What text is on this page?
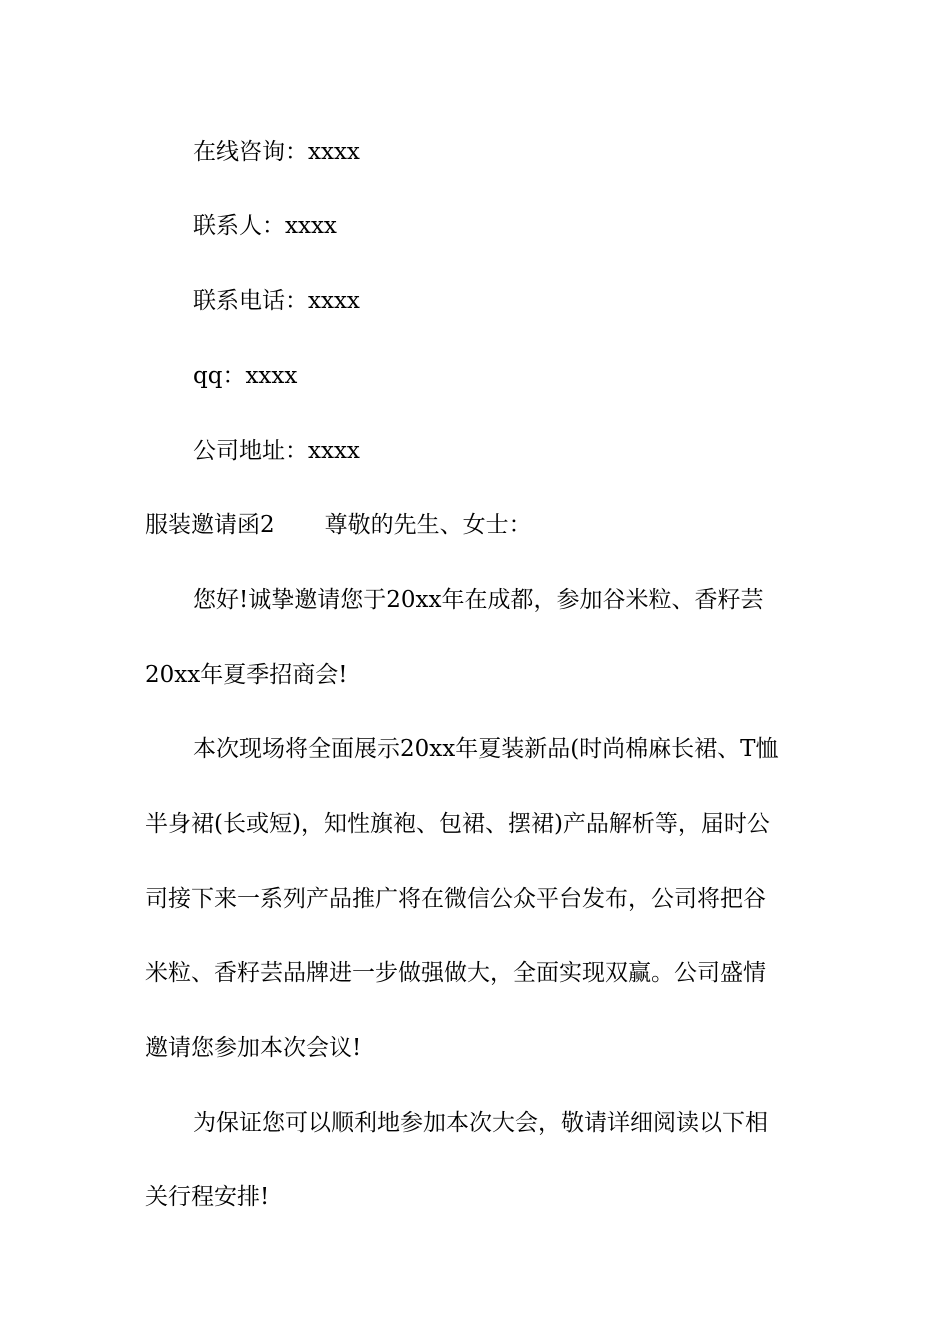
在线咨询：xxxx
联系人：xxxx
联系电话：xxxx
qq：xxxx
公司地址：xxxx
服装邀请函2 尊敬的先生、女士：
您好!诚挚邀请您于20xx年在成都，参加谷米粒、香籽芸
20xx年夏季招商会!
本次现场将全面展示20xx年夏装新品(时尚棉麻长裙、T恤
半身裙(长或短)，知性旗袍、包裙、摆裙)产品解析等，届时公
司接下来一系列产品推广将在微信公众平台发布，公司将把谷
米粒、香籽芸品牌进一步做强做大，全面实现双赢。公司盛情
邀请您参加本次会议!
为保证您可以顺利地参加本次大会，敬请详细阅读以下相
关行程安排!
